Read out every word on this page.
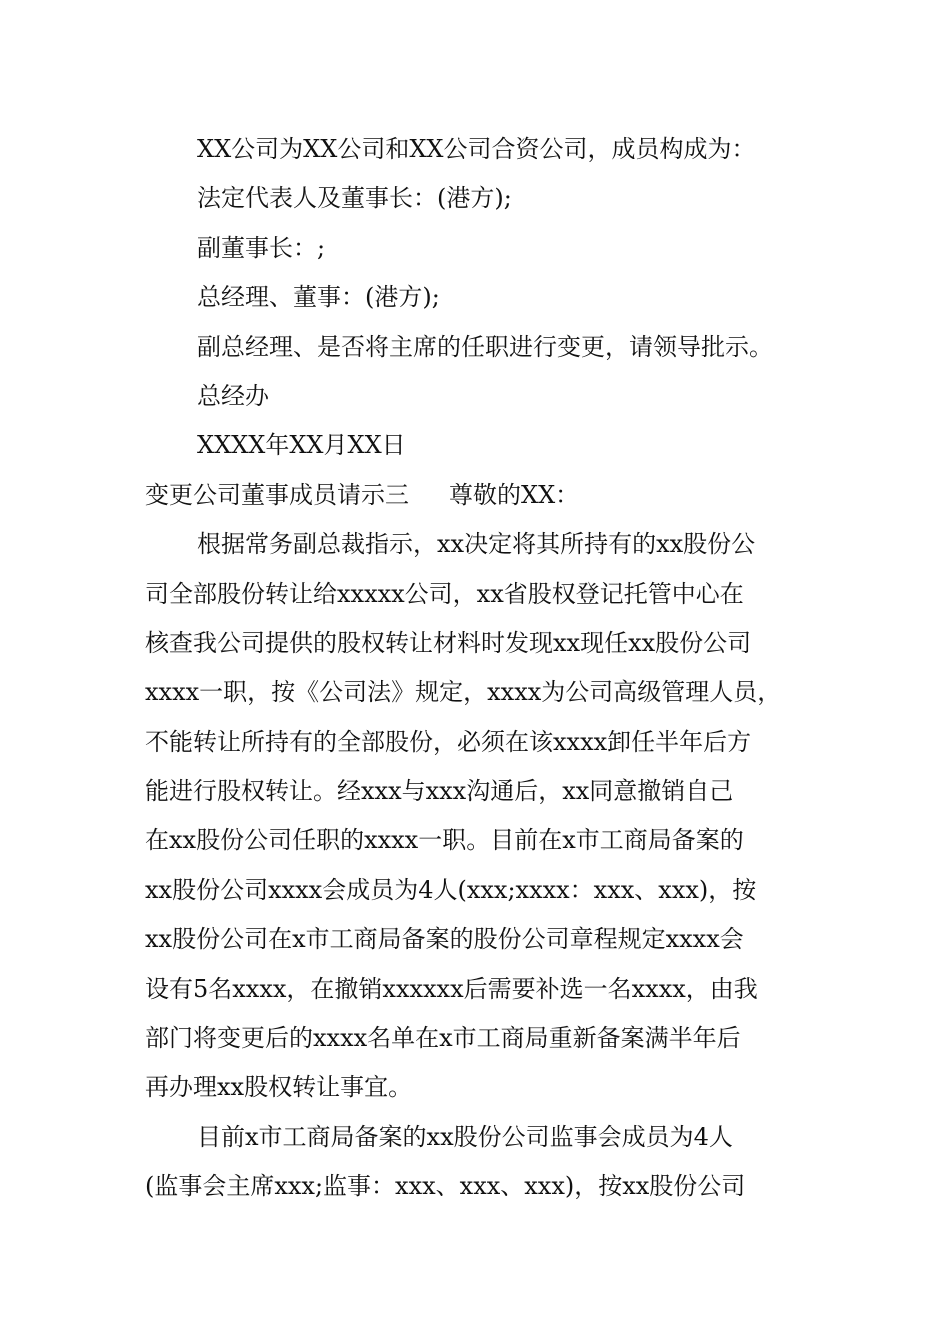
XX公司为XX公司和XX公司合资公司，成员构成为：
法定代表人及董事长：(港方);
副董事长：;
总经理、董事：(港方);
副总经理、是否将主席的任职进行变更，请领导批示。
总经办
XXXX年XX月XX日
变更公司董事成员请示三 尊敬的XX：
根据常务副总裁指示，xx决定将其所持有的xx股份公
司全部股份转让给xxxxx公司，xx省股权登记托管中心在
核查我公司提供的股权转让材料时发现xx现任xx股份公司
xxxx一职，按《公司法》规定，xxxx为公司高级管理人员，
不能转让所持有的全部股份，必须在该xxxx卸任半年后方
能进行股权转让。经xxx与xxx沟通后，xx同意撤销自己
在xx股份公司任职的xxxx一职。目前在x市工商局备案的
xx股份公司xxxx会成员为4人(xxx;xxxx：xxx、xxx)，按
xx股份公司在x市工商局备案的股份公司章程规定xxxx会
设有5名xxxx，在撤销xxxxxx后需要补选一名xxxx，由我
部门将变更后的xxxx名单在x市工商局重新备案满半年后
再办理xx股权转让事宜。
目前x市工商局备案的xx股份公司监事会成员为4人
(监事会主席xxx;监事：xxx、xxx、xxx)，按xx股份公司
